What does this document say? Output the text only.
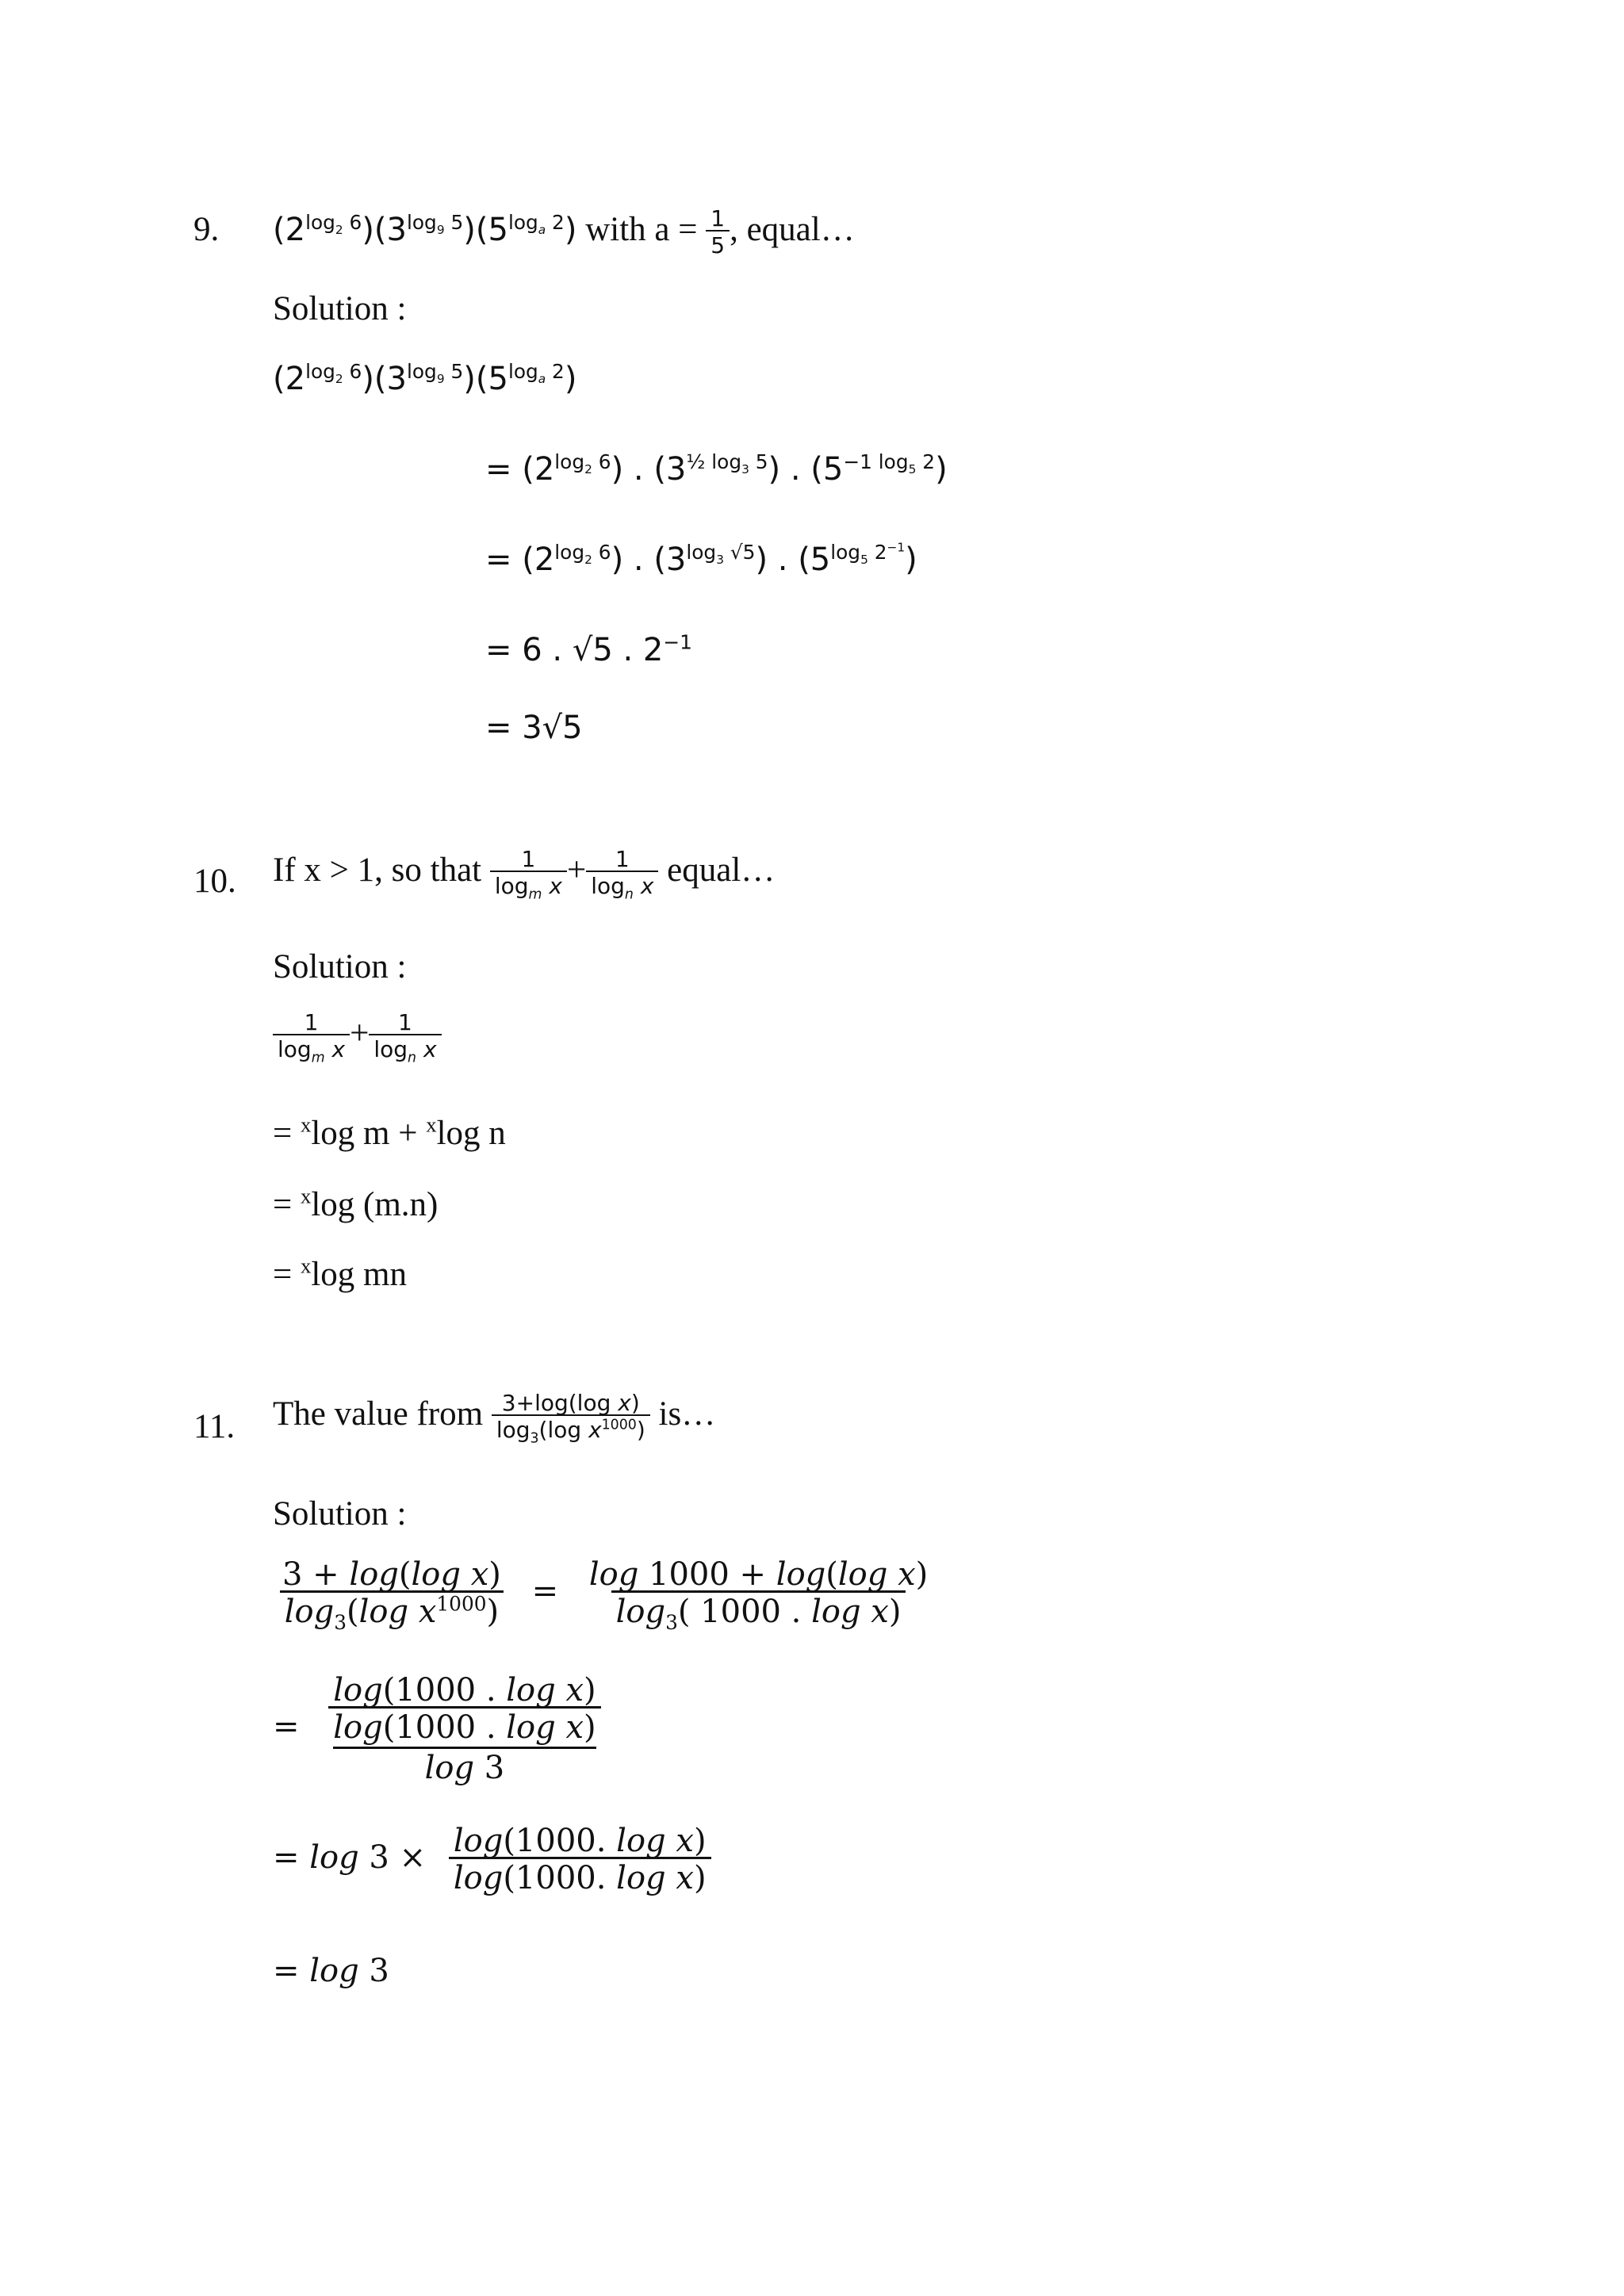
9. $(2^{log_2 6})(3^{log_9 5})(5^{log_a 2})$ with $a = \frac{1}{5}$ , equal…
Solution :
$(2^{log_2 6})(3^{log_9 5})(5^{log_a 2})$
= $(2^{log_2 6})$ . $(3^{\frac{1}{2} log_3 5})$ . $(5^{-1 log_5 2})$
= $(2^{log_2 6})$ . $(3^{log_3 √5})$ . $(5^{log_5 2^{-1}})$
= 6 . √5 . $2^{-1}$
= 3√5
10. If x > 1, so that $\frac{1}{\log_m x} + \frac{1}{\log_n x}$ equal…
Solution :
$\frac{1}{\log_m x} + \frac{1}{\log_n x}$
= $^x$log m + $^x$log n
= $^x$log (m.n)
= $^x$log mn
11. The value from $\frac{\text{3+log(log x)}}{\log_3(\log x^{1000})}$ is…
Solution :
$\frac{\text{3 + log(log x)}}{\log_3(\log x^{1000})} = \frac{\text{log 1000 + log(log x)}}{\log_3( 1000 . \log x)}$
= $\frac{\text{log(1000 . log x)}}{\frac{\text{log(1000 . log x)}}{\log 3}}$
= $\log 3 \times \frac{\text{log(1000. log x)}}{\text{log(1000. log x)}}$
= log 3
